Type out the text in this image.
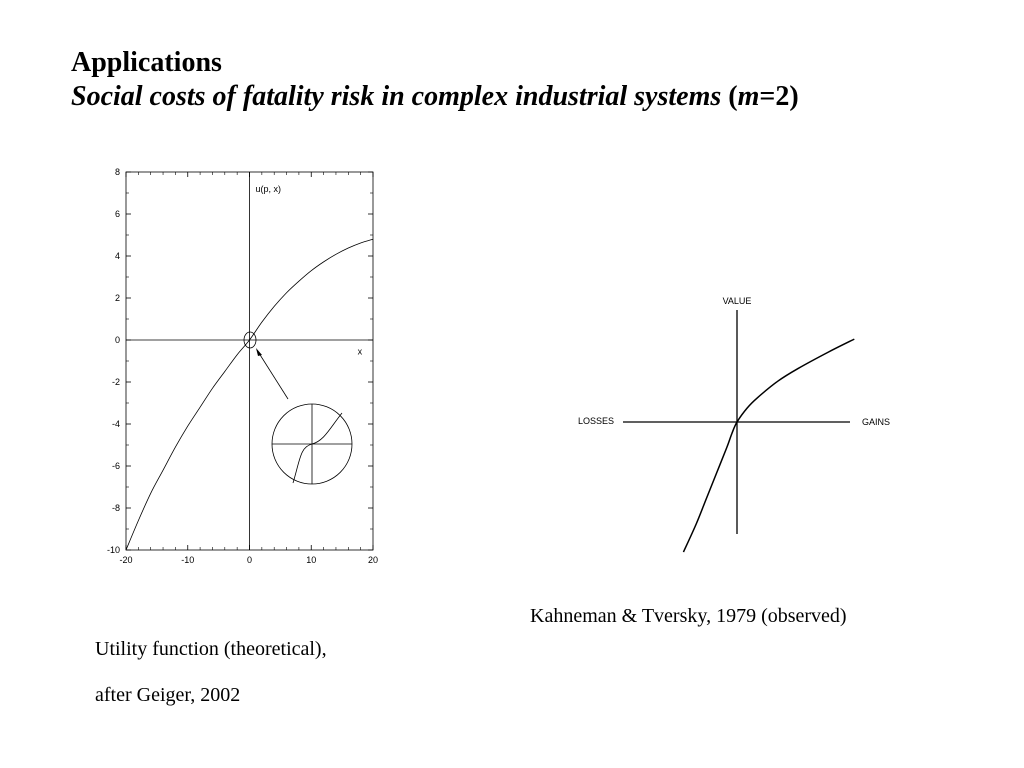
Applications
Social costs of fatality risk in complex industrial systems (m=2)
-20	-10	0	10	20
-10
-8
-6
-4
-2
0
2
4
6
8
u(p, x)
x
VALUE
LOSSES	GAINS
Kahneman & Tversky, 1979 (observed)
Utility function (theoretical),
after Geiger, 2002
